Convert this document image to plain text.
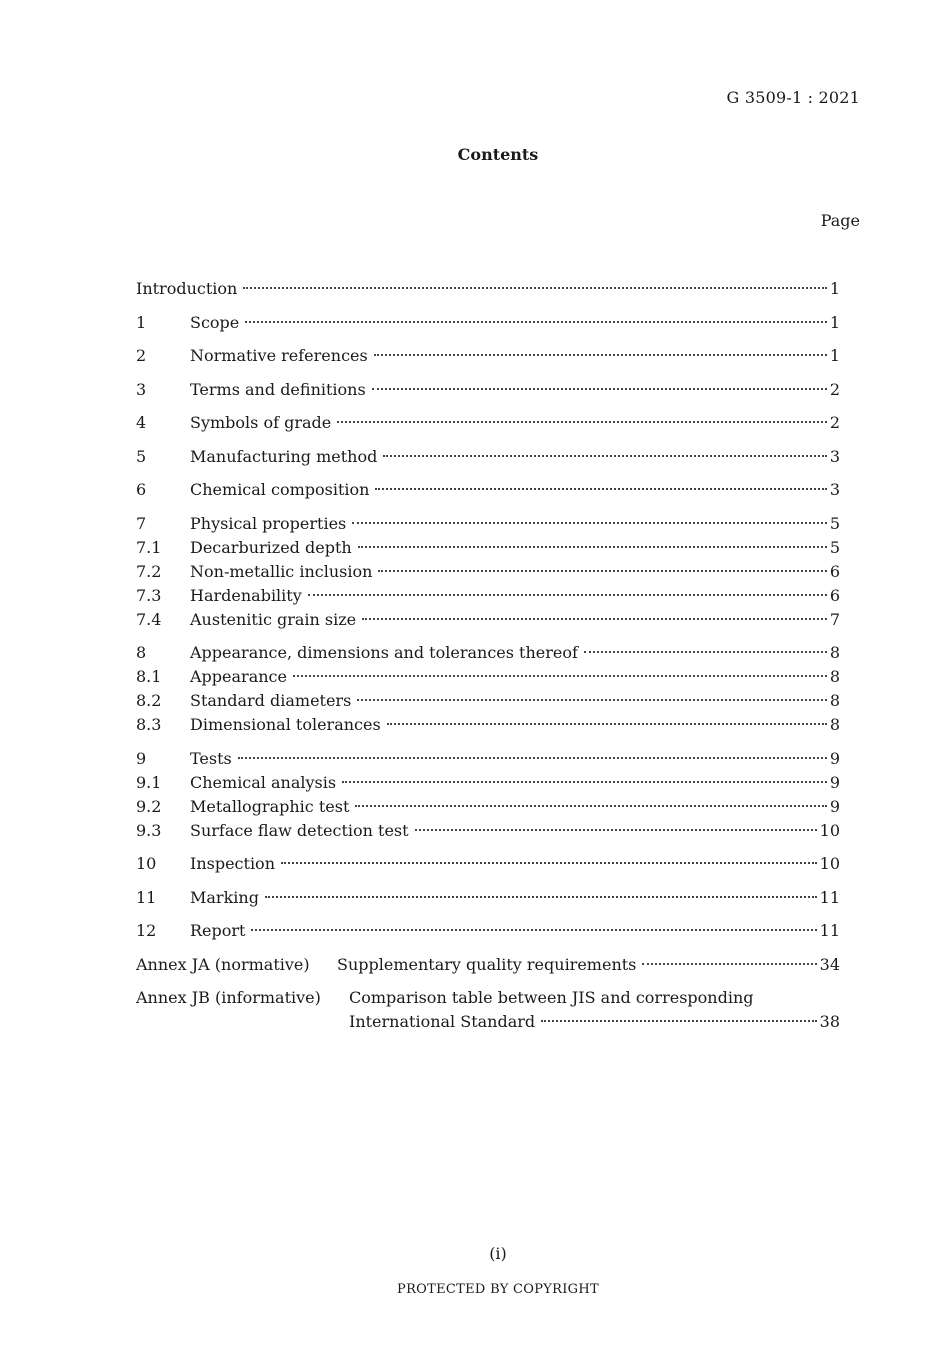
G 3509-1 : 2021
Contents
Page
Introduction	1
1	Scope	1
2	Normative references	1
3	Terms and definitions	2
4	Symbols of grade	2
5	Manufacturing method	3
6	Chemical composition	3
7	Physical properties	5
7.1	Decarburized depth	5
7.2	Non-metallic inclusion	6
7.3	Hardenability	6
7.4	Austenitic grain size	7
8	Appearance, dimensions and tolerances thereof	8
8.1	Appearance	8
8.2	Standard diameters	8
8.3	Dimensional tolerances	8
9	Tests	9
9.1	Chemical analysis	9
9.2	Metallographic test	9
9.3	Surface flaw detection test	10
10	Inspection	10
11	Marking	11
12	Report	11
Annex JA (normative)	Supplementary quality requirements	34
Annex JB (informative)	Comparison table between JIS and corresponding
International Standard	38
(i)
PROTECTED BY COPYRIGHT
